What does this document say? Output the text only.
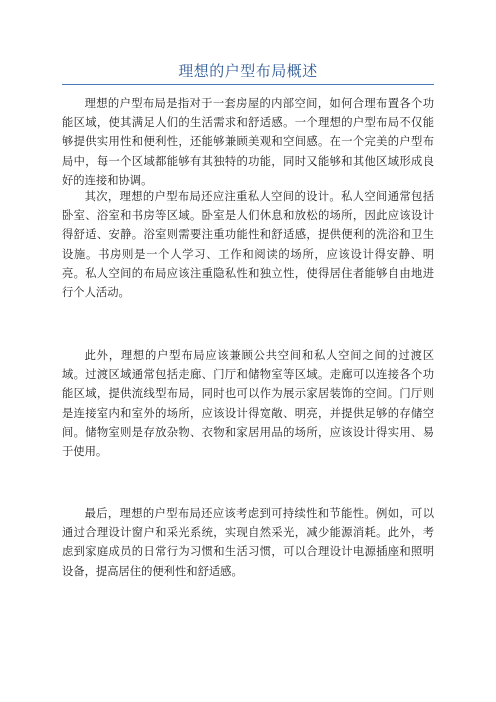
理想的户型布局概述

理想的户型布局是指对于一套房屋的内部空间，如何合理布置各个功能区域，使其满足人们的生活需求和舒适感。一个理想的户型布局不仅能够提供实用性和便利性，还能够兼顾美观和空间感。在一个完美的户型布局中，每一个区域都能够有其独特的功能，同时又能够和其他区域形成良好的连接和协调。

其次，理想的户型布局还应注重私人空间的设计。私人空间通常包括卧室、浴室和书房等区域。卧室是人们休息和放松的场所，因此应该设计得舒适、安静。浴室则需要注重功能性和舒适感，提供便利的洗浴和卫生设施。书房则是一个人学习、工作和阅读的场所，应该设计得安静、明亮。私人空间的布局应该注重隐私性和独立性，使得居住者能够自由地进行个人活动。

此外，理想的户型布局应该兼顾公共空间和私人空间之间的过渡区域。过渡区域通常包括走廊、门厅和储物室等区域。走廊可以连接各个功能区域，提供流线型布局，同时也可以作为展示家居装饰的空间。门厅则是连接室内和室外的场所，应该设计得宽敞、明亮，并提供足够的存储空间。储物室则是存放杂物、衣物和家居用品的场所，应该设计得实用、易于使用。

最后，理想的户型布局还应该考虑到可持续性和节能性。例如，可以通过合理设计窗户和采光系统，实现自然采光，减少能源消耗。此外，考虑到家庭成员的日常行为习惯和生活习惯，可以合理设计电源插座和照明设备，提高居住的便利性和舒适感。
